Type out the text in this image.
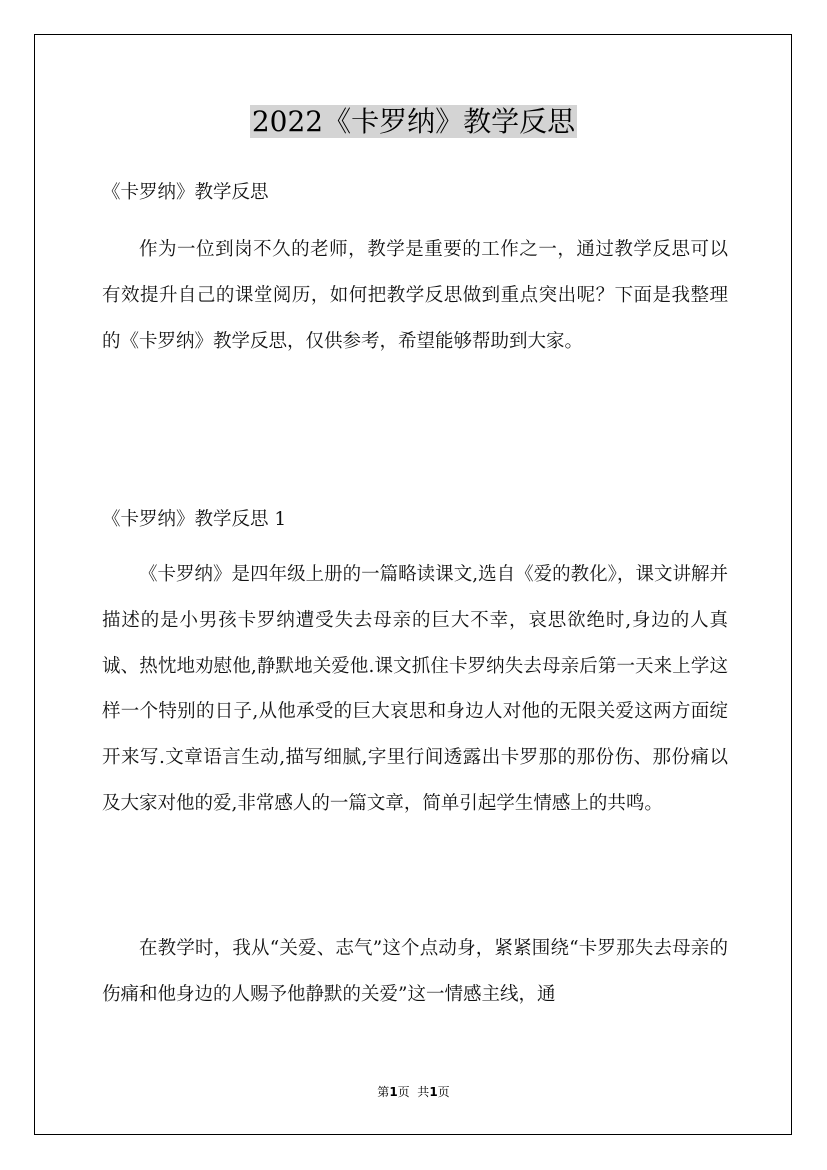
2022《卡罗纳》教学反思

《卡罗纳》教学反思

作为一位到岗不久的老师，教学是重要的工作之一，通过教学反思可以有效提升自己的课堂阅历，如何把教学反思做到重点突出呢？下面是我整理的《卡罗纳》教学反思，仅供参考，希望能够帮助到大家。

《卡罗纳》教学反思 1

《卡罗纳》是四年级上册的一篇略读课文,选自《爱的教化》，课文讲解并描述的是小男孩卡罗纳遭受失去母亲的巨大不幸，哀思欲绝时,身边的人真诚、热忱地劝慰他,静默地关爱他.课文抓住卡罗纳失去母亲后第一天来上学这样一个特别的日子,从他承受的巨大哀思和身边人对他的无限关爱这两方面绽开来写.文章语言生动,描写细腻,字里行间透露出卡罗那的那份伤、那份痛以及大家对他的爱,非常感人的一篇文章，简单引起学生情感上的共鸣。

在教学时，我从“关爱、志气”这个点动身，紧紧围绕“卡罗那失去母亲的伤痛和他身边的人赐予他静默的关爱”这一情感主线，通

第1页  共1页
